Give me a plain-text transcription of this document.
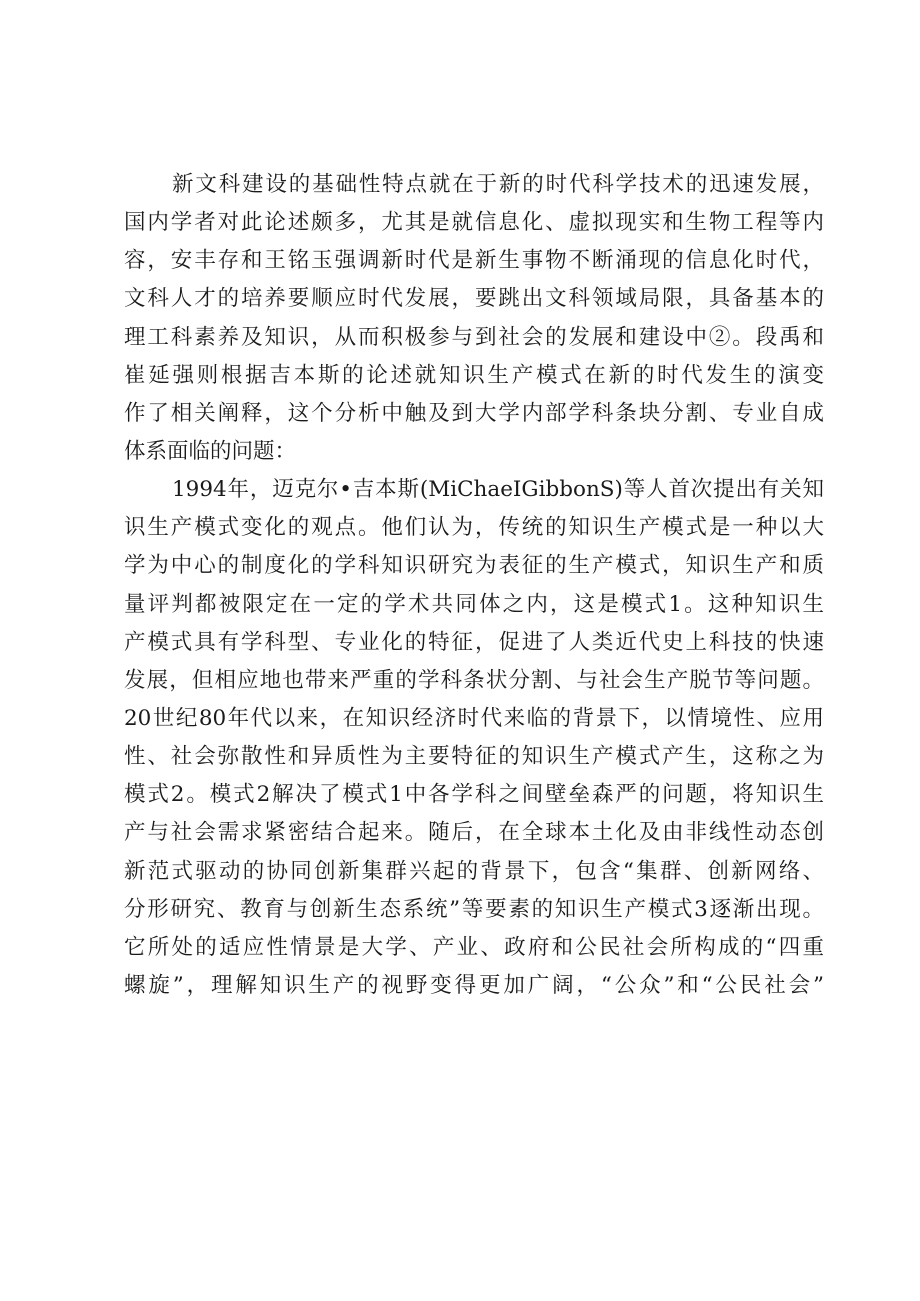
新文科建设的基础性特点就在于新的时代科学技术的迅速发展，
国内学者对此论述颇多，尤其是就信息化、虚拟现实和生物工程等内
容，安丰存和王铭玉强调新时代是新生事物不断涌现的信息化时代，
文科人才的培养要顺应时代发展，要跳出文科领域局限，具备基本的
理工科素养及知识，从而积极参与到社会的发展和建设中②。段禹和
崔延强则根据吉本斯的论述就知识生产模式在新的时代发生的演变
作了相关阐释，这个分析中触及到大学内部学科条块分割、专业自成
体系面临的问题：
1994年，迈克尔•吉本斯(MiChaeIGibbonS)等人首次提出有关知
识生产模式变化的观点。他们认为，传统的知识生产模式是一种以大
学为中心的制度化的学科知识研究为表征的生产模式，知识生产和质
量评判都被限定在一定的学术共同体之内，这是模式1。这种知识生
产模式具有学科型、专业化的特征，促进了人类近代史上科技的快速
发展，但相应地也带来严重的学科条状分割、与社会生产脱节等问题。
20世纪80年代以来，在知识经济时代来临的背景下，以情境性、应用
性、社会弥散性和异质性为主要特征的知识生产模式产生，这称之为
模式2。模式2解决了模式1中各学科之间壁垒森严的问题，将知识生
产与社会需求紧密结合起来。随后，在全球本土化及由非线性动态创
新范式驱动的协同创新集群兴起的背景下，包含“集群、创新网络、
分形研究、教育与创新生态系统”等要素的知识生产模式3逐渐出现。
它所处的适应性情景是大学、产业、政府和公民社会所构成的“四重
螺旋”，理解知识生产的视野变得更加广阔，“公众”和“公民社会”
